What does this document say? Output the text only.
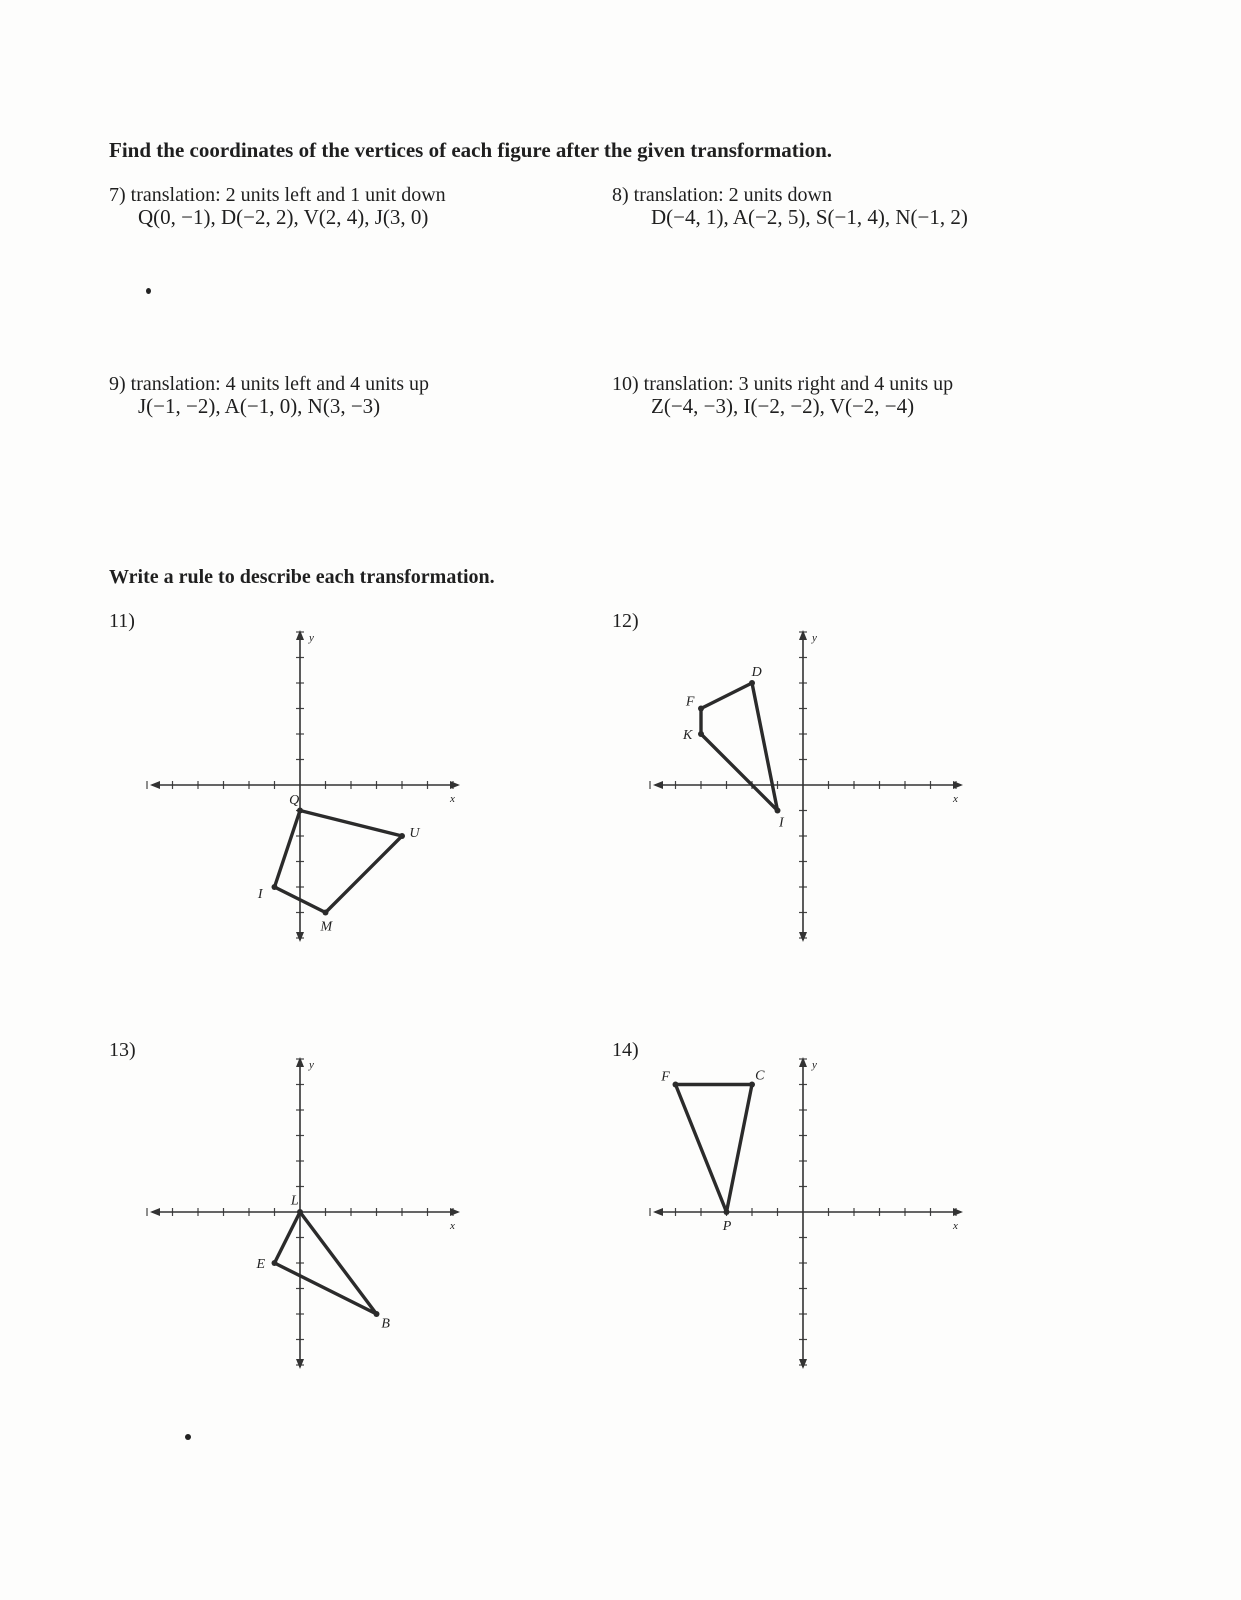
Find the coordinates of the vertices of each figure after the given transformation.
7) translation: 2 units left and 1 unit down
Q(0, −1), D(−2, 2), V(2, 4), J(3, 0)
8) translation: 2 units down
D(−4, 1), A(−2, 5), S(−1, 4), N(−1, 2)
9) translation: 4 units left and 4 units up
J(−1, −2), A(−1, 0), N(3, −3)
10) translation: 3 units right and 4 units up
Z(−4, −3), I(−2, −2), V(−2, −4)
Write a rule to describe each transformation.
11)	12)
13)	14)
x
y
Q
U
M
I
x
y
D
I
K
F
x
y
L
B
E
x
y
F	C
P
